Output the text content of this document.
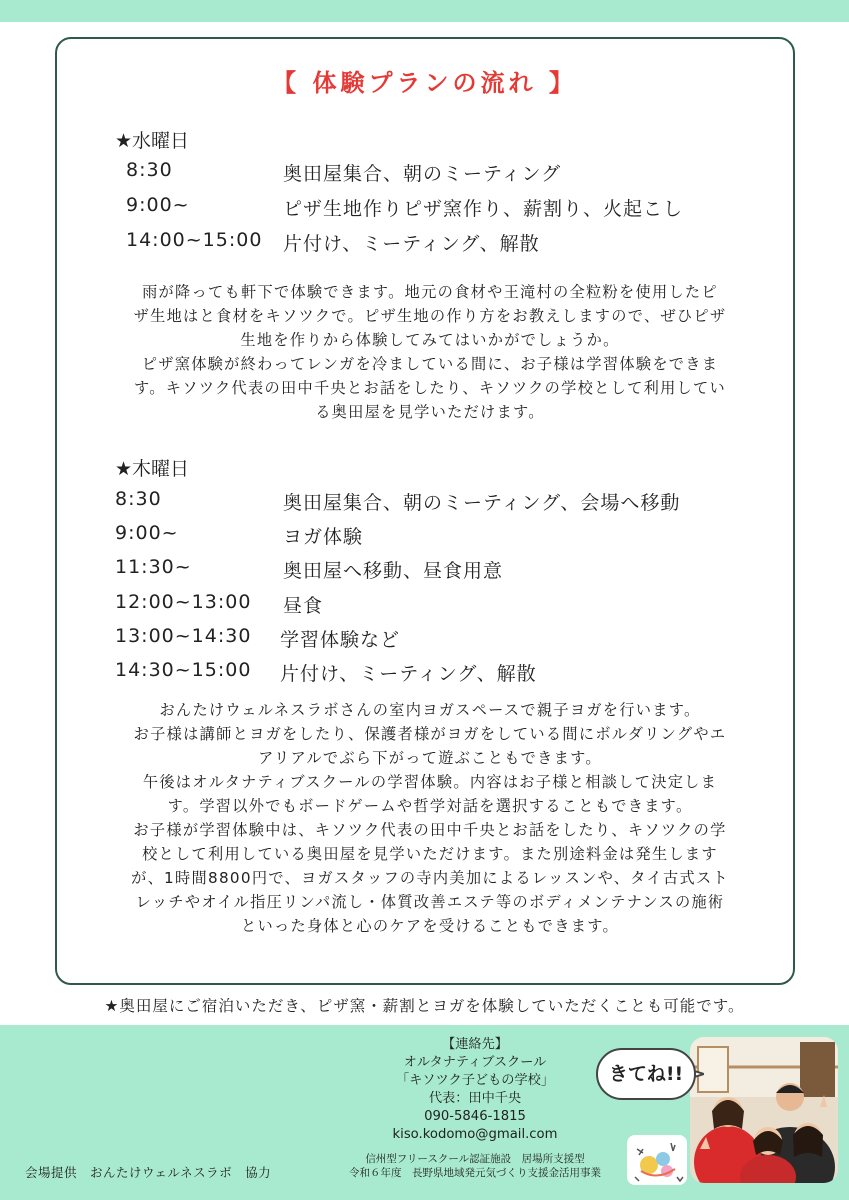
【 体験プランの流れ 】
★水曜日
8:30	奥田屋集合、朝のミーティング
9:00~	ピザ生地作りピザ窯作り、薪割り、火起こし
14:00~15:00 片付け、ミーティング、解散

雨が降っても軒下で体験できます。地元の食材や王滝村の全粒粉を使用したピ

ザ生地はと食材をキソツクで。ピザ生地の作り方をお教えしますので、ぜひピザ

生地を作りから体験してみてはいかがでしょうか。

ピザ窯体験が終わってレンガを冷ましている間に、お子様は学習体験をできま

す。キソツク代表の田中千央とお話をしたり、キソツクの学校として利用してい

る奥田屋を見学いただけます。

★木曜日
8:30	奥田屋集合、朝のミーティング、会場へ移動
9:00~	ヨガ体験
11:30~	奥田屋へ移動、昼食用意
12:00~13:00 昼食
13:00~14:30 学習体験など
14:30~15:00 片付け、ミーティング、解散

おんたけウェルネスラボさんの室内ヨガスペースで親子ヨガを行います。

お子様は講師とヨガをしたり、保護者様がヨガをしている間にボルダリングやエ

アリアルでぶら下がって遊ぶこともできます。

午後はオルタナティブスクールの学習体験。内容はお子様と相談して決定しま

す。学習以外でもボードゲームや哲学対話を選択することもできます。

お子様が学習体験中は、キソツク代表の田中千央とお話をしたり、キソツクの学

校として利用している奥田屋を見学いただけます。また別途料金は発生します

が、1時間8800円で、ヨガスタッフの寺内美加によるレッスンや、タイ古式スト

レッチやオイル指圧リンパ流し・体質改善エステ等のボディメンテナンスの施術

といった身体と心のケアを受けることもできます。

★奥田屋にご宿泊いただき、ピザ窯・薪割とヨガを体験していただくことも可能です。
【連絡先】
オルタナティブスクール
「キソツク子どもの学校」
代表：田中千央
090-5846-1815
kiso.kodomo@gmail.com
会場提供　おんたけウェルネスラボ　協力
信州型フリースクール認証施設　居場所支援型
令和６年度　長野県地域発元気づくり支援金活用事業
きてね!!
